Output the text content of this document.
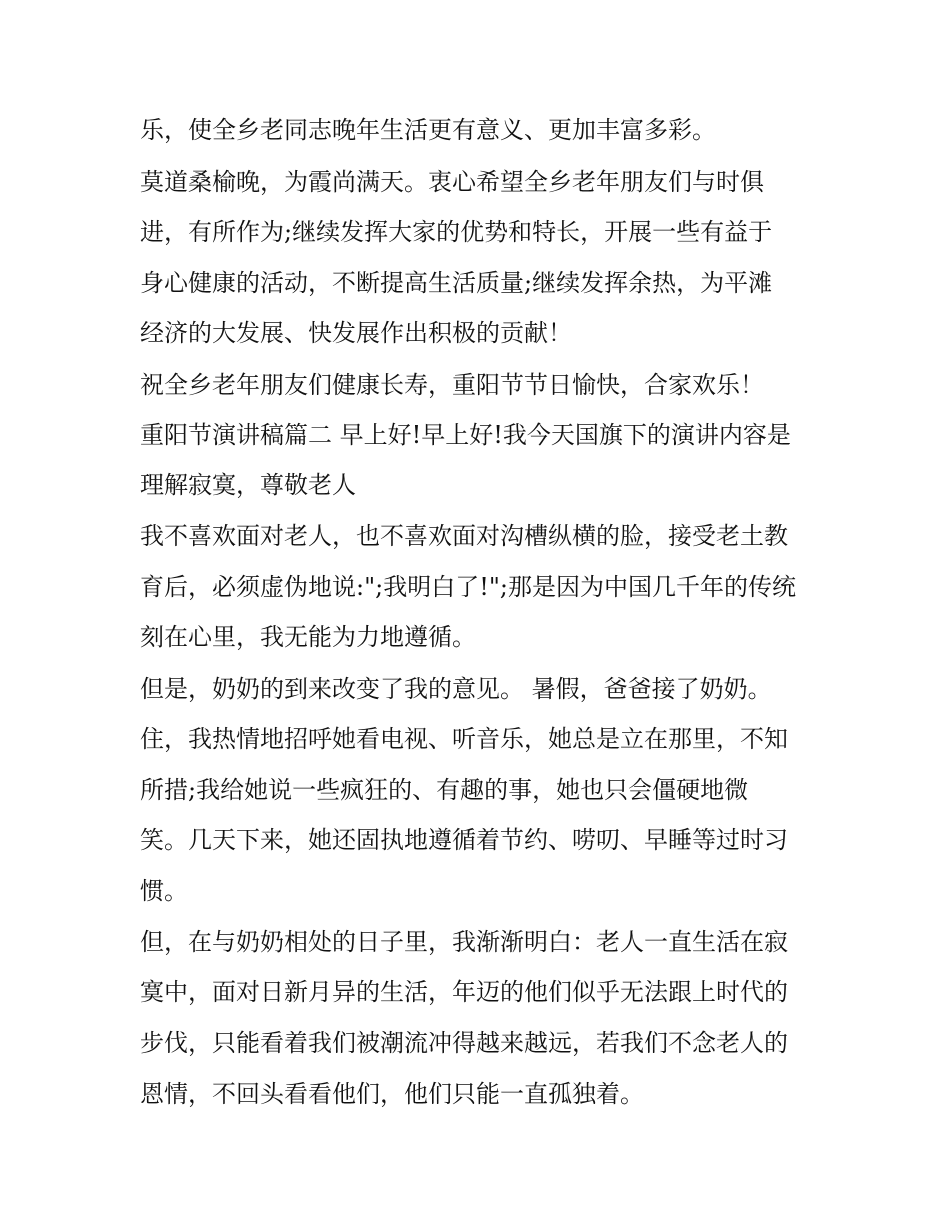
乐，使全乡老同志晚年生活更有意义、更加丰富多彩。

莫道桑榆晚，为霞尚满天。衷心希望全乡老年朋友们与时俱

进，有所作为;继续发挥大家的优势和特长，开展一些有益于

身心健康的活动，不断提高生活质量;继续发挥余热，为平滩

经济的大发展、快发展作出积极的贡献！

祝全乡老年朋友们健康长寿，重阳节节日愉快，合家欢乐！

重阳节演讲稿篇二 早上好!早上好!我今天国旗下的演讲内容是

理解寂寞，尊敬老人

我不喜欢面对老人，也不喜欢面对沟槽纵横的脸，接受老土教

育后，必须虚伪地说:";我明白了!";那是因为中国几千年的传统

刻在心里，我无能为力地遵循。

但是，奶奶的到来改变了我的意见。 暑假，爸爸接了奶奶。

住，我热情地招呼她看电视、听音乐，她总是立在那里，不知

所措;我给她说一些疯狂的、有趣的事，她也只会僵硬地微

笑。几天下来，她还固执地遵循着节约、唠叨、早睡等过时习

惯。

但，在与奶奶相处的日子里，我渐渐明白：老人一直生活在寂

寞中，面对日新月异的生活，年迈的他们似乎无法跟上时代的

步伐，只能看着我们被潮流冲得越来越远，若我们不念老人的

恩情，不回头看看他们，他们只能一直孤独着。
